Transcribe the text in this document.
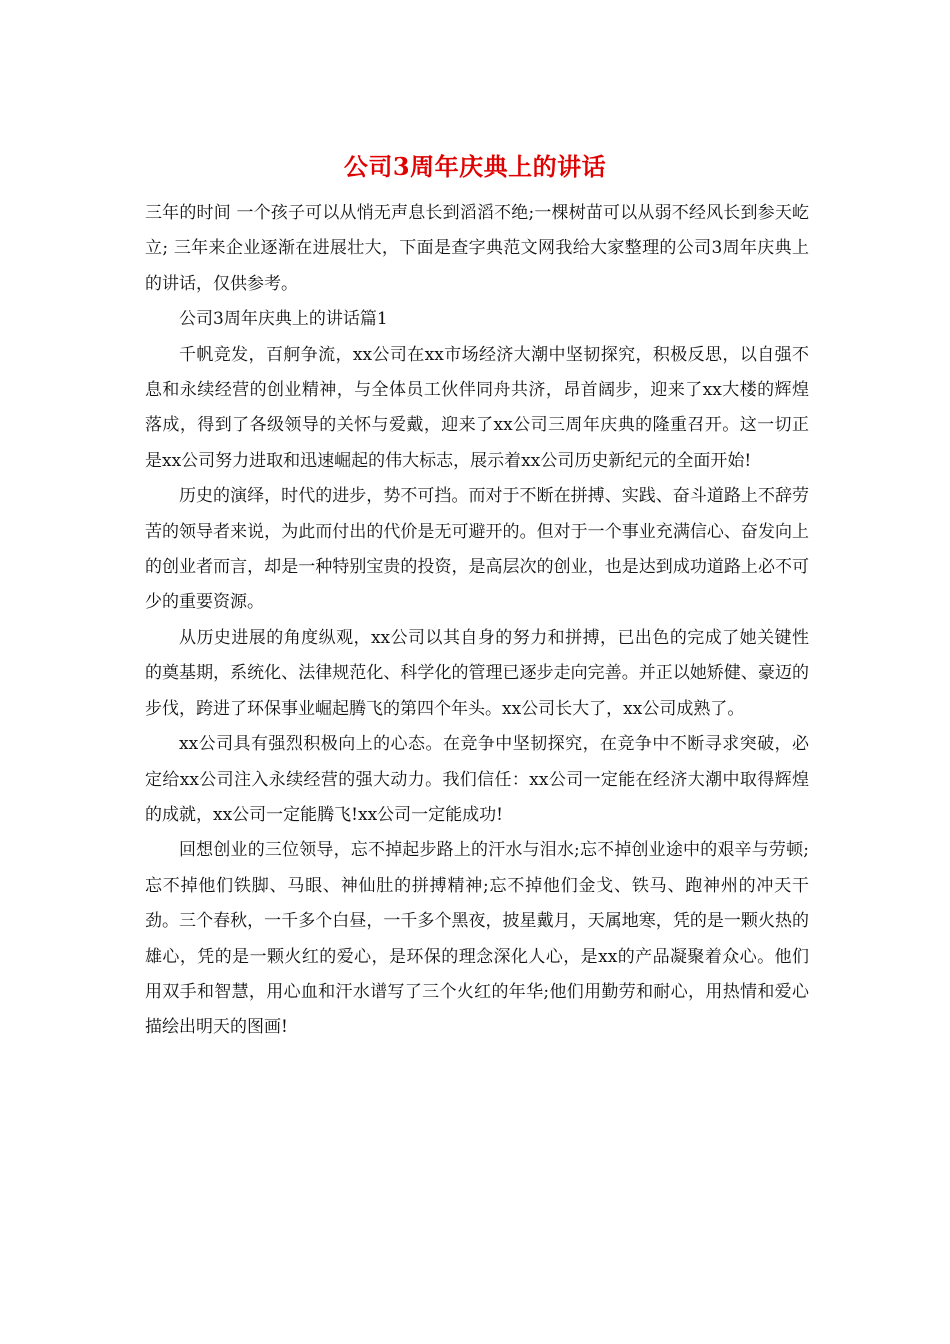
公司3周年庆典上的讲话

三年的时间 一个孩子可以从悄无声息长到滔滔不绝;一棵树苗可以从弱不经风长到参天屹立; 三年来企业逐渐在进展壮大，下面是查字典范文网我给大家整理的公司3周年庆典上的讲话，仅供参考。

公司3周年庆典上的讲话篇1

千帆竞发，百舸争流，xx公司在xx市场经济大潮中坚韧探究，积极反思，以自强不息和永续经营的创业精神，与全体员工伙伴同舟共济，昂首阔步，迎来了xx大楼的辉煌落成，得到了各级领导的关怀与爱戴，迎来了xx公司三周年庆典的隆重召开。这一切正是xx公司努力进取和迅速崛起的伟大标志，展示着xx公司历史新纪元的全面开始!

历史的演绎，时代的进步，势不可挡。而对于不断在拼搏、实践、奋斗道路上不辞劳苦的领导者来说，为此而付出的代价是无可避开的。但对于一个事业充满信心、奋发向上的创业者而言，却是一种特别宝贵的投资，是高层次的创业，也是达到成功道路上必不可少的重要资源。

从历史进展的角度纵观，xx公司以其自身的努力和拼搏，已出色的完成了她关键性的奠基期，系统化、法律规范化、科学化的管理已逐步走向完善。并正以她矫健、豪迈的步伐，跨进了环保事业崛起腾飞的第四个年头。xx公司长大了，xx公司成熟了。

xx公司具有强烈积极向上的心态。在竞争中坚韧探究，在竞争中不断寻求突破，必定给xx公司注入永续经营的强大动力。我们信任：xx公司一定能在经济大潮中取得辉煌的成就，xx公司一定能腾飞!xx公司一定能成功!

回想创业的三位领导，忘不掉起步路上的汗水与泪水;忘不掉创业途中的艰辛与劳顿;忘不掉他们铁脚、马眼、神仙肚的拼搏精神;忘不掉他们金戈、铁马、跑神州的冲天干劲。三个春秋，一千多个白昼，一千多个黑夜，披星戴月，天属地寒，凭的是一颗火热的雄心，凭的是一颗火红的爱心，是环保的理念深化人心，是xx的产品凝聚着众心。他们用双手和智慧，用心血和汗水谱写了三个火红的年华;他们用勤劳和耐心，用热情和爱心描绘出明天的图画!
